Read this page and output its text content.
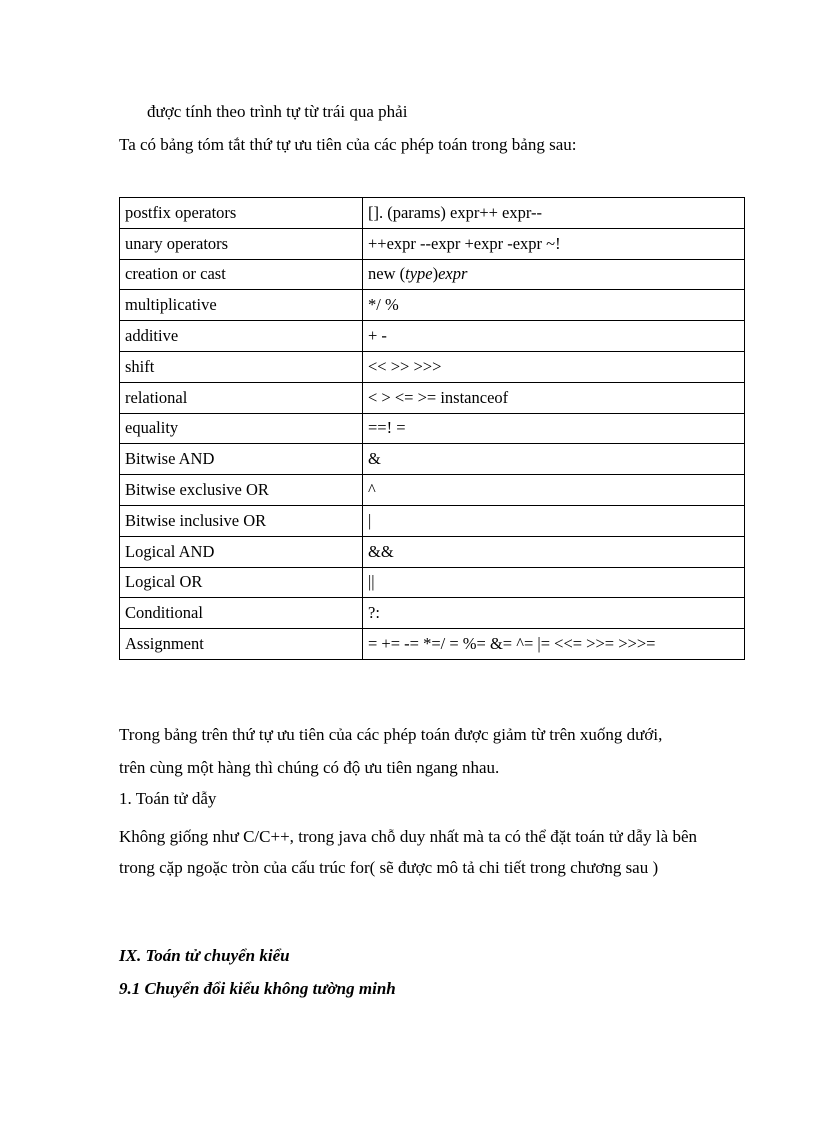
được tính theo trình tự từ trái qua phải

Ta có bảng tóm tắt thứ tự ưu tiên của các phép toán trong bảng sau:

postfix operators	[]. (params) expr++ expr--
unary operators	++expr --expr +expr -expr ~!
creation or cast	new (type)expr
multiplicative	*/ %
additive	+ -
shift	<< >> >>>
relational	< > <= >= instanceof
equality	==! =
Bitwise AND	&
Bitwise exclusive OR	^
Bitwise inclusive OR	|
Logical AND	&&
Logical OR	||
Conditional	?:
Assignment	= += -= *=/ = %= &= ^= |= <<= >>= >>>=

Trong bảng trên thứ tự ưu tiên của các phép toán được giảm từ trên xuống dưới,

trên cùng một hàng thì chúng có độ ưu tiên ngang nhau.

1. Toán tử dẫy

Không giống như C/C++, trong java chỗ duy nhất mà ta có thể đặt toán tử dẫy là bên trong cặp ngoặc tròn của cấu trúc for( sẽ được mô tả chi tiết trong chương sau )

IX. Toán tử chuyển kiểu

9.1 Chuyển đổi kiểu không tường minh
